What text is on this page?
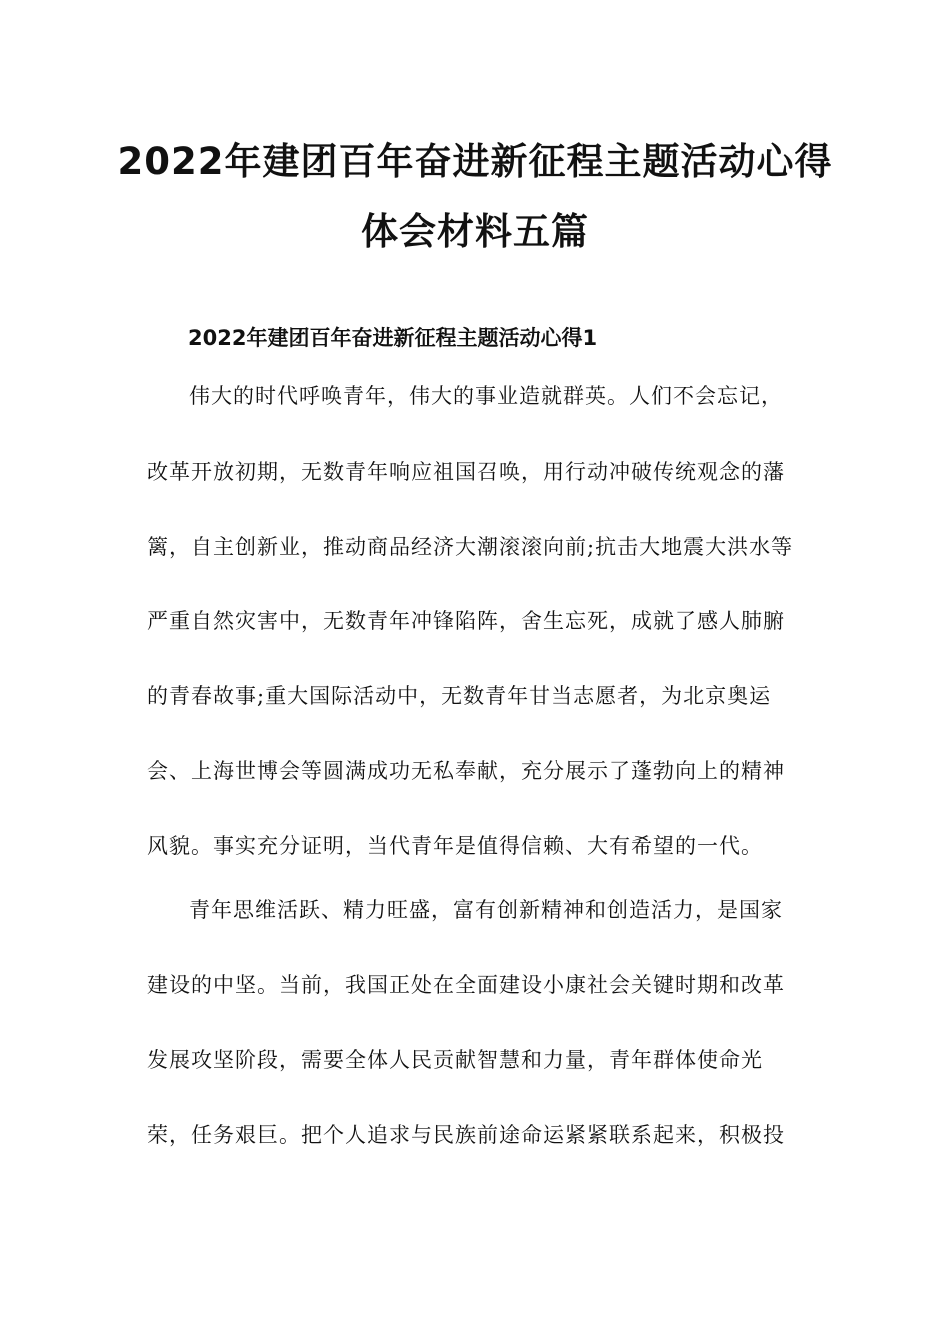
2022年建团百年奋进新征程主题活动心得
体会材料五篇
2022年建团百年奋进新征程主题活动心得1
伟大的时代呼唤青年，伟大的事业造就群英。人们不会忘记，
改革开放初期，无数青年响应祖国召唤，用行动冲破传统观念的藩
篱，自主创新业，推动商品经济大潮滚滚向前;抗击大地震大洪水等
严重自然灾害中，无数青年冲锋陷阵，舍生忘死，成就了感人肺腑
的青春故事;重大国际活动中，无数青年甘当志愿者，为北京奥运
会、上海世博会等圆满成功无私奉献，充分展示了蓬勃向上的精神
风貌。事实充分证明，当代青年是值得信赖、大有希望的一代。
青年思维活跃、精力旺盛，富有创新精神和创造活力，是国家
建设的中坚。当前，我国正处在全面建设小康社会关键时期和改革
发展攻坚阶段，需要全体人民贡献智慧和力量，青年群体使命光
荣，任务艰巨。把个人追求与民族前途命运紧紧联系起来，积极投
